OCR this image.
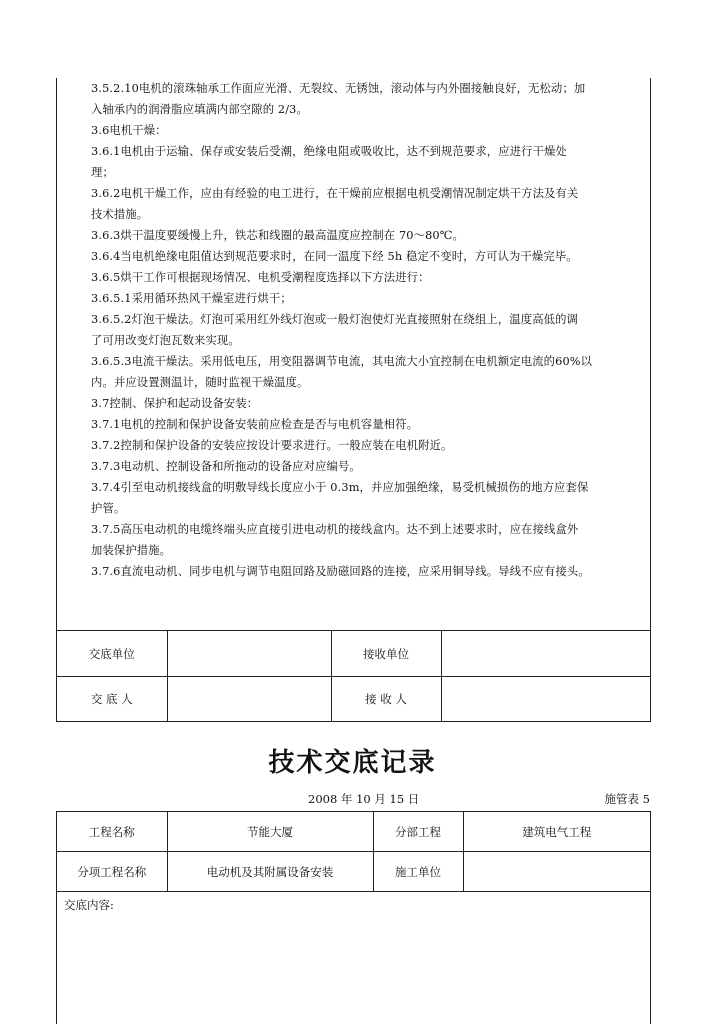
3.5.2.10电机的滚珠轴承工作面应光滑、无裂纹、无锈蚀，滚动体与内外圈接触良好，无松动；加

入轴承内的润滑脂应填满内部空隙的 2/3。

3.6电机干燥：

3.6.1电机由于运输、保存或安装后受潮，绝缘电阻或吸收比，达不到规范要求，应进行干燥处

理；

3.6.2电机干燥工作，应由有经验的电工进行，在干燥前应根据电机受潮情况制定烘干方法及有关

技术措施。

3.6.3烘干温度要缓慢上升，铁芯和线圈的最高温度应控制在 70～80℃。

3.6.4当电机绝缘电阻值达到规范要求时，在同一温度下经 5h 稳定不变时，方可认为干燥完毕。

3.6.5烘干工作可根据现场情况、电机受潮程度选择以下方法进行：

3.6.5.1采用循环热风干燥室进行烘干；

3.6.5.2灯泡干燥法。灯泡可采用红外线灯泡或一般灯泡使灯光直接照射在绕组上，温度高低的调

了可用改变灯泡瓦数来实现。

3.6.5.3电流干燥法。采用低电压，用变阻器调节电流，其电流大小宜控制在电机额定电流的60%以

内。并应设置测温计，随时监视干燥温度。

3.7控制、保护和起动设备安装：

3.7.1电机的控制和保护设备安装前应检查是否与电机容量相符。

3.7.2控制和保护设备的安装应按设计要求进行。一般应装在电机附近。

3.7.3电动机、控制设备和所拖动的设备应对应编号。

3.7.4引至电动机接线盒的明敷导线长度应小于 0.3m，并应加强绝缘，易受机械损伤的地方应套保

护管。

3.7.5高压电动机的电缆终端头应直接引进电动机的接线盒内。达不到上述要求时，应在接线盒外

加装保护措施。

3.7.6直流电动机、同步电机与调节电阻回路及励磁回路的连接，应采用铜导线。导线不应有接头。

交底单位		接收单位	
交 底 人		接 收 人	
技术交底记录
2008 年 10 月 15 日	施管表 5
工程名称	节能大厦	分部工程	建筑电气工程
分项工程名称	电动机及其附属设备安装	施工单位	
交底内容:
